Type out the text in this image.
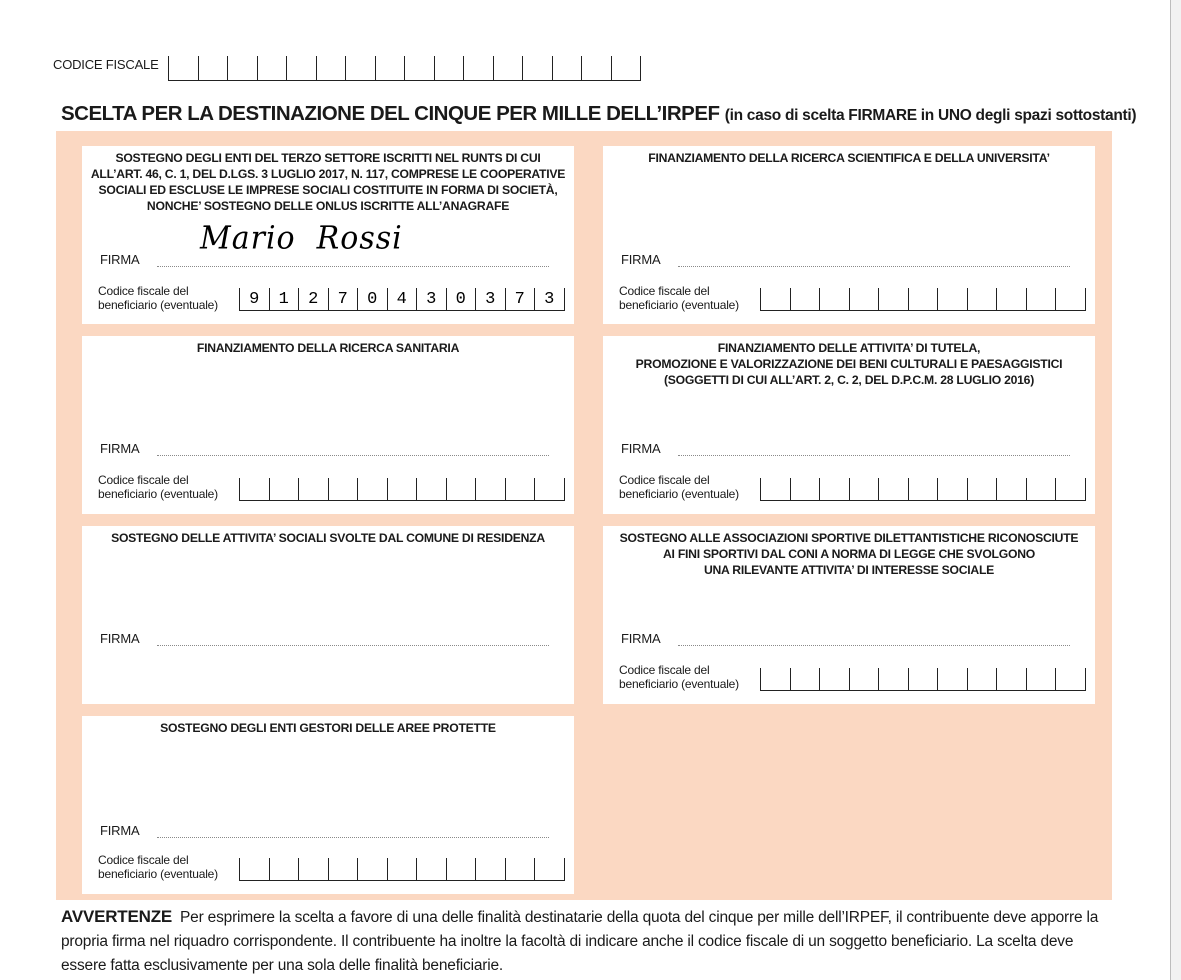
CODICE FISCALE
SCELTA PER LA DESTINAZIONE DEL CINQUE PER MILLE DELL’IRPEF (in caso di scelta FIRMARE in UNO degli spazi sottostanti)
SOSTEGNO DEGLI ENTI DEL TERZO SETTORE ISCRITTI NEL RUNTS DI CUI
ALL’ART. 46, C. 1, DEL D.LGS. 3 LUGLIO 2017, N. 117, COMPRESE LE COOPERATIVE
SOCIALI ED ESCLUSE LE IMPRESE SOCIALI COSTITUITE IN FORMA DI SOCIETÀ,
NONCHE’ SOSTEGNO DELLE ONLUS ISCRITTE ALL’ANAGRAFE
Mario  Rossi
FIRMA
Codice fiscale del
beneficiario (eventuale)	9	1	2	7	0	4	3	0	3	7	3
FINANZIAMENTO DELLA RICERCA SCIENTIFICA E DELLA UNIVERSITA’
FIRMA
Codice fiscale del
beneficiario (eventuale)
FINANZIAMENTO DELLA RICERCA SANITARIA
FIRMA
Codice fiscale del
beneficiario (eventuale)
FINANZIAMENTO DELLE ATTIVITA’ DI TUTELA,
PROMOZIONE E VALORIZZAZIONE DEI BENI CULTURALI E PAESAGGISTICI
(SOGGETTI DI CUI ALL’ART. 2, C. 2, DEL D.P.C.M. 28 LUGLIO 2016)
FIRMA
Codice fiscale del
beneficiario (eventuale)
SOSTEGNO DELLE ATTIVITA’ SOCIALI SVOLTE DAL COMUNE DI RESIDENZA
FIRMA
SOSTEGNO ALLE ASSOCIAZIONI SPORTIVE DILETTANTISTICHE RICONOSCIUTE
AI FINI SPORTIVI DAL CONI A NORMA DI LEGGE CHE SVOLGONO
UNA RILEVANTE ATTIVITA’ DI INTERESSE SOCIALE
FIRMA
Codice fiscale del
beneficiario (eventuale)
SOSTEGNO DEGLI ENTI GESTORI DELLE AREE PROTETTE
FIRMA
Codice fiscale del
beneficiario (eventuale)
AVVERTENZE Per esprimere la scelta a favore di una delle finalità destinatarie della quota del cinque per mille dell’IRPEF, il contribuente deve apporre la propria firma nel riquadro corrispondente. Il contribuente ha inoltre la facoltà di indicare anche il codice fiscale di un soggetto beneficiario. La scelta deve essere fatta esclusivamente per una sola delle finalità beneficiarie.
